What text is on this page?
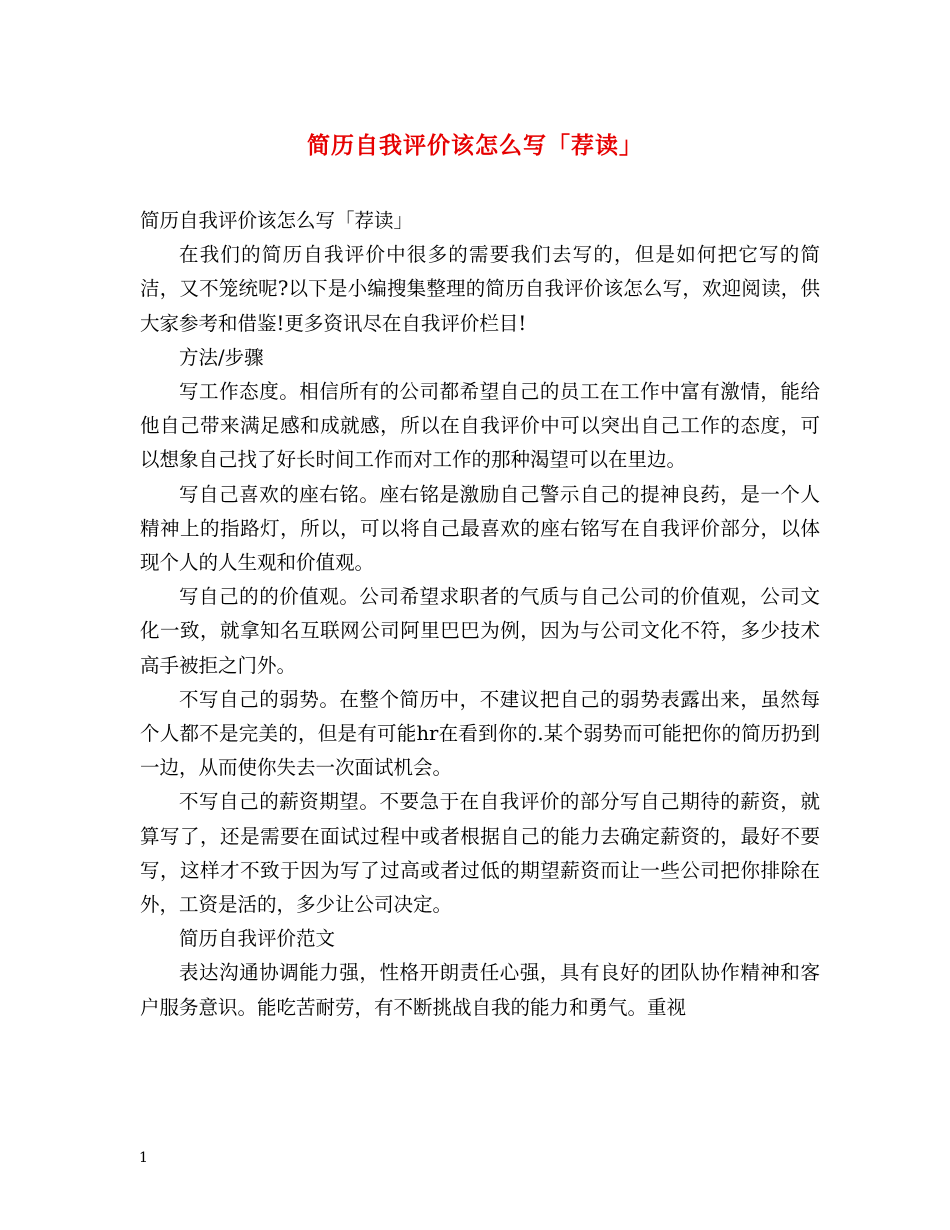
简历自我评价该怎么写「荐读」

简历自我评价该怎么写「荐读」

在我们的简历自我评价中很多的需要我们去写的，但是如何把它写的简洁，又不笼统呢?以下是小编搜集整理的简历自我评价该怎么写，欢迎阅读，供大家参考和借鉴!更多资讯尽在自我评价栏目!

方法/步骤

写工作态度。相信所有的公司都希望自己的员工在工作中富有激情，能给他自己带来满足感和成就感，所以在自我评价中可以突出自己工作的态度，可以想象自己找了好长时间工作而对工作的那种渴望可以在里边。

写自己喜欢的座右铭。座右铭是激励自己警示自己的提神良药，是一个人精神上的指路灯，所以，可以将自己最喜欢的座右铭写在自我评价部分，以体现个人的人生观和价值观。

写自己的的价值观。公司希望求职者的气质与自己公司的价值观，公司文化一致，就拿知名互联网公司阿里巴巴为例，因为与公司文化不符，多少技术高手被拒之门外。

不写自己的弱势。在整个简历中，不建议把自己的弱势表露出来，虽然每个人都不是完美的，但是有可能hr在看到你的.某个弱势而可能把你的简历扔到一边，从而使你失去一次面试机会。

不写自己的薪资期望。不要急于在自我评价的部分写自己期待的薪资，就算写了，还是需要在面试过程中或者根据自己的能力去确定薪资的，最好不要写，这样才不致于因为写了过高或者过低的期望薪资而让一些公司把你排除在外，工资是活的，多少让公司决定。

简历自我评价范文

表达沟通协调能力强，性格开朗责任心强，具有良好的团队协作精神和客户服务意识。能吃苦耐劳，有不断挑战自我的能力和勇气。重视

1
